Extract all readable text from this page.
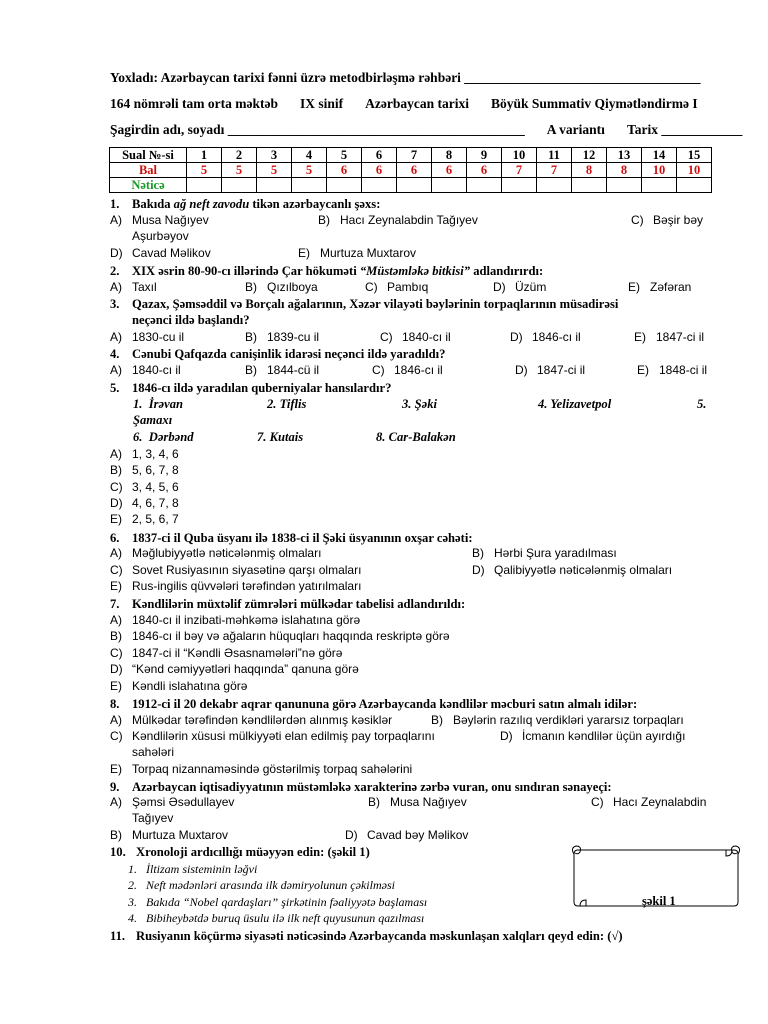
Yoxladı: Azərbaycan tarixi fənni üzrə metodbirləşmə rəhbəri ___________________________________
164 nömrəli tam orta məktəb IX sinif Azərbaycan tarixi Böyük Summativ Qiymətləndirmə I
Şagirdin adı, soyadı ____________________________________________ A variantı Tarix ____________
Sual №-si	1	2	3	4	5	6	7	8	9	10	11	12	13	14	15
Bal	5	5	5	5	6	6	6	6	6	7	7	8	8	10	10
Nəticə															
1. Bakıda ağ neft zavodu tikən azərbaycanlı şəxs:
A) Musa Nağıyev	B) Hacı Zeynalabdin Tağıyev	C) Bəşir bəy
Aşurbəyov
D) Cavad Məlikov	E) Murtuza Muxtarov
2. XIX əsrin 80-90-cı illərində Çar hökuməti “Müstəmləkə bitkisi” adlandırırdı:
A) Taxıl	B) Qızılboya	C) Pambıq	D) Üzüm	E) Zəfəran
3. Qazax, Şəmsəddil və Borçalı ağalarının, Xəzər vilayəti bəylərinin torpaqlarının müsadirəsi
neçənci ildə başlandı?
A) 1830-cu il	B) 1839-cu il	C) 1840-cı il	D) 1846-cı il	E) 1847-ci il
4. Cənubi Qafqazda canişinlik idarəsi neçənci ildə yaradıldı?
A) 1840-cı il	B) 1844-cü il	C) 1846-cı il	D) 1847-ci il	E) 1848-ci il
5. 1846-cı ildə yaradılan quberniyalar hansılardır?
1. İrəvan	2. Tiflis	3. Şəki	4. Yelizavetpol	5.
Şamaxı
6. Dərbənd	7. Kutais	8. Car-Balakən
A) 1, 3, 4, 6
B) 5, 6, 7, 8
C) 3, 4, 5, 6
D) 4, 6, 7, 8
E) 2, 5, 6, 7
6. 1837-ci il Quba üsyanı ilə 1838-ci il Şəki üsyanının oxşar cəhəti:
A) Məğlubiyyətlə nəticələnmiş olmaları	B) Hərbi Şura yaradılması
C) Sovet Rusiyasının siyasətinə qarşı olmaları	D) Qalibiyyətlə nəticələnmiş olmaları
E) Rus-ingilis qüvvələri tərəfindən yatırılmaları
7. Kəndlilərin müxtəlif zümrələri mülkədar tabelisi adlandırıldı:
A) 1840-cı il inzibati-məhkəmə islahatına görə
B) 1846-cı il bəy və ağaların hüquqları haqqında reskriptə görə
C) 1847-ci il “Kəndli Əsasnamələri”nə görə
D) “Kənd cəmiyyətləri haqqında” qanuna görə
E) Kəndli islahatına görə
8. 1912-ci il 20 dekabr aqrar qanununa görə Azərbaycanda kəndlilər məcburi satın almalı idilər:
A) Mülkədar tərəfindən kəndlilərdən alınmış kəsiklər	B) Bəylərin razılıq verdikləri yararsız torpaqları
C) Kəndlilərin xüsusi mülkiyyəti elan edilmiş pay torpaqlarını	D) İcmanın kəndlilər üçün ayırdığı
sahələri
E) Torpaq nizannaməsində göstərilmiş torpaq sahələrini
9. Azərbaycan iqtisadiyyatının müstəmləkə xarakterinə zərbə vuran, onu sındıran sənayeçi:
A) Şəmsi Əsədullayev	B) Musa Nağıyev	C) Hacı Zeynalabdin
Tağıyev
B) Murtuza Muxtarov	D) Cavad bəy Məlikov
10. Xronoloji ardıcıllığı müəyyən edin: (şəkil 1)
1. İltizam sisteminin ləğvi
2. Neft mədənləri arasında ilk dəmiryolunun çəkilməsi
3. Bakıda “Nobel qardaşları” şirkətinin fəaliyyətə başlaması
4. Bibiheybətdə buruq üsulu ilə ilk neft quyusunun qazılması
şəkil 1
11. Rusiyanın köçürmə siyasəti nəticəsində Azərbaycanda məskunlaşan xalqları qeyd edin: (√)
